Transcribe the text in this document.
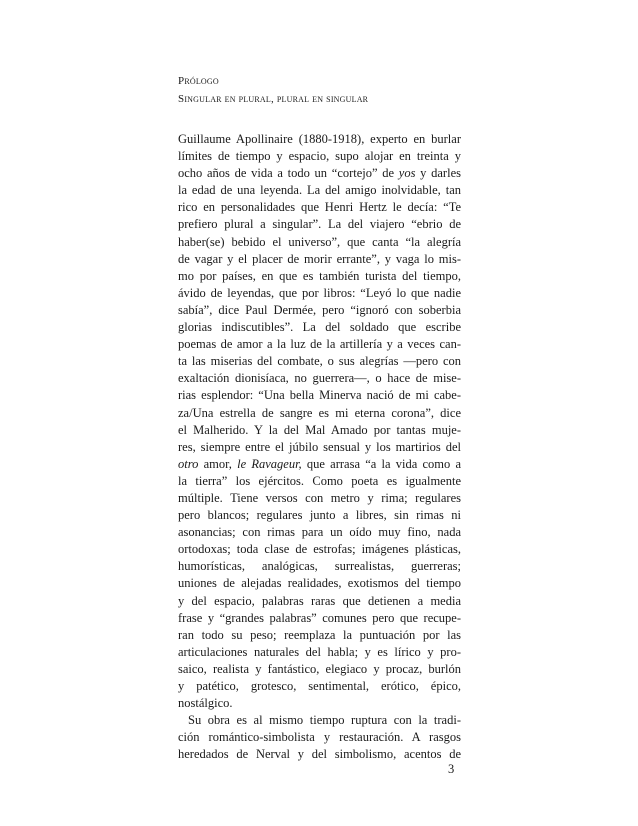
Prólogo
Singular en plural, plural en singular
Guillaume Apollinaire (1880-1918), experto en burlar
límites de tiempo y espacio, supo alojar en treinta y
ocho años de vida a todo un “cortejo” de yos y darles
la edad de una leyenda. La del amigo inolvidable, tan
rico en personalidades que Henri Hertz le decía: “Te
prefiero plural a singular”. La del viajero “ebrio de
haber(se) bebido el universo”, que canta “la alegría
de vagar y el placer de morir errante”, y vaga lo mis-
mo por países, en que es también turista del tiempo,
ávido de leyendas, que por libros: “Leyó lo que nadie
sabía”, dice Paul Dermée, pero “ignoró con soberbia
glorias indiscutibles”. La del soldado que escribe
poemas de amor a la luz de la artillería y a veces can-
ta las miserias del combate, o sus alegrías —pero con
exaltación dionisíaca, no guerrera—, o hace de mise-
rias esplendor: “Una bella Minerva nació de mi cabe-
za/Una estrella de sangre es mi eterna corona”, dice
el Malherido. Y la del Mal Amado por tantas muje-
res, siempre entre el júbilo sensual y los martirios del
otro amor, le Ravageur, que arrasa “a la vida como a
la tierra” los ejércitos. Como poeta es igualmente
múltiple. Tiene versos con metro y rima; regulares
pero blancos; regulares junto a libres, sin rimas ni
asonancias; con rimas para un oído muy fino, nada
ortodoxas; toda clase de estrofas; imágenes plásticas,
humorísticas, analógicas, surrealistas, guerreras;
uniones de alejadas realidades, exotismos del tiempo
y del espacio, palabras raras que detienen a media
frase y “grandes palabras” comunes pero que recupe-
ran todo su peso; reemplaza la puntuación por las
articulaciones naturales del habla; y es lírico y pro-
saico, realista y fantástico, elegiaco y procaz, burlón
y patético, grotesco, sentimental, erótico, épico,
nostálgico.
Su obra es al mismo tiempo ruptura con la tradi-
ción romántico-simbolista y restauración. A rasgos
heredados de Nerval y del simbolismo, acentos de
3
